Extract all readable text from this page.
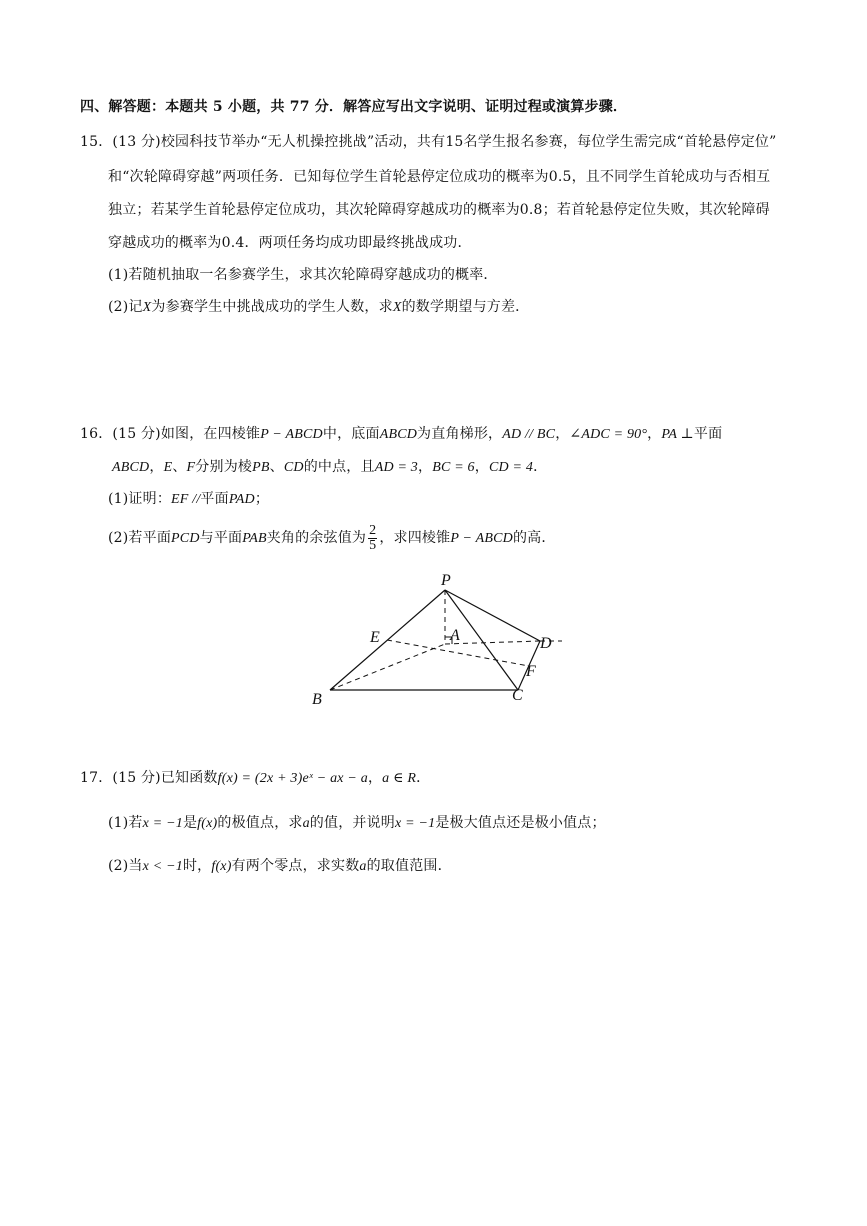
四、解答题：本题共 5 小题，共 77 分．解答应写出文字说明、证明过程或演算步骤．
15．(13 分)校园科技节举办“无人机操控挑战”活动，共有15名学生报名参赛，每位学生需完成“首轮悬停定位”
和“次轮障碍穿越”两项任务．已知每位学生首轮悬停定位成功的概率为0.5，且不同学生首轮成功与否相互
独立；若某学生首轮悬停定位成功，其次轮障碍穿越成功的概率为0.8；若首轮悬停定位失败，其次轮障碍
穿越成功的概率为0.4．两项任务均成功即最终挑战成功．
(1)若随机抽取一名参赛学生，求其次轮障碍穿越成功的概率．
(2)记X为参赛学生中挑战成功的学生人数，求X的数学期望与方差．
16．(15 分)如图，在四棱锥P − ABCD中，底面ABCD为直角梯形，AD // BC，∠ADC = 90°，PA ⊥平面
ABCD，E、F分别为棱PB、CD的中点，且AD = 3，BC = 6，CD = 4．
(1)证明：EF //平面PAD；
(2)若平面PCD与平面PAB夹角的余弦值为 $\frac{2}{5}$ ，求四棱锥P − ABCD的高．
P
A	D
E
F
B	C
17．(15 分)已知函数f(x) = (2x + 3)eˣ − ax − a，a ∈ R．
(1)若x = −1是f(x)的极值点，求a的值，并说明x = −1是极大值点还是极小值点；
(2)当x < −1时，f(x)有两个零点，求实数a的取值范围．
